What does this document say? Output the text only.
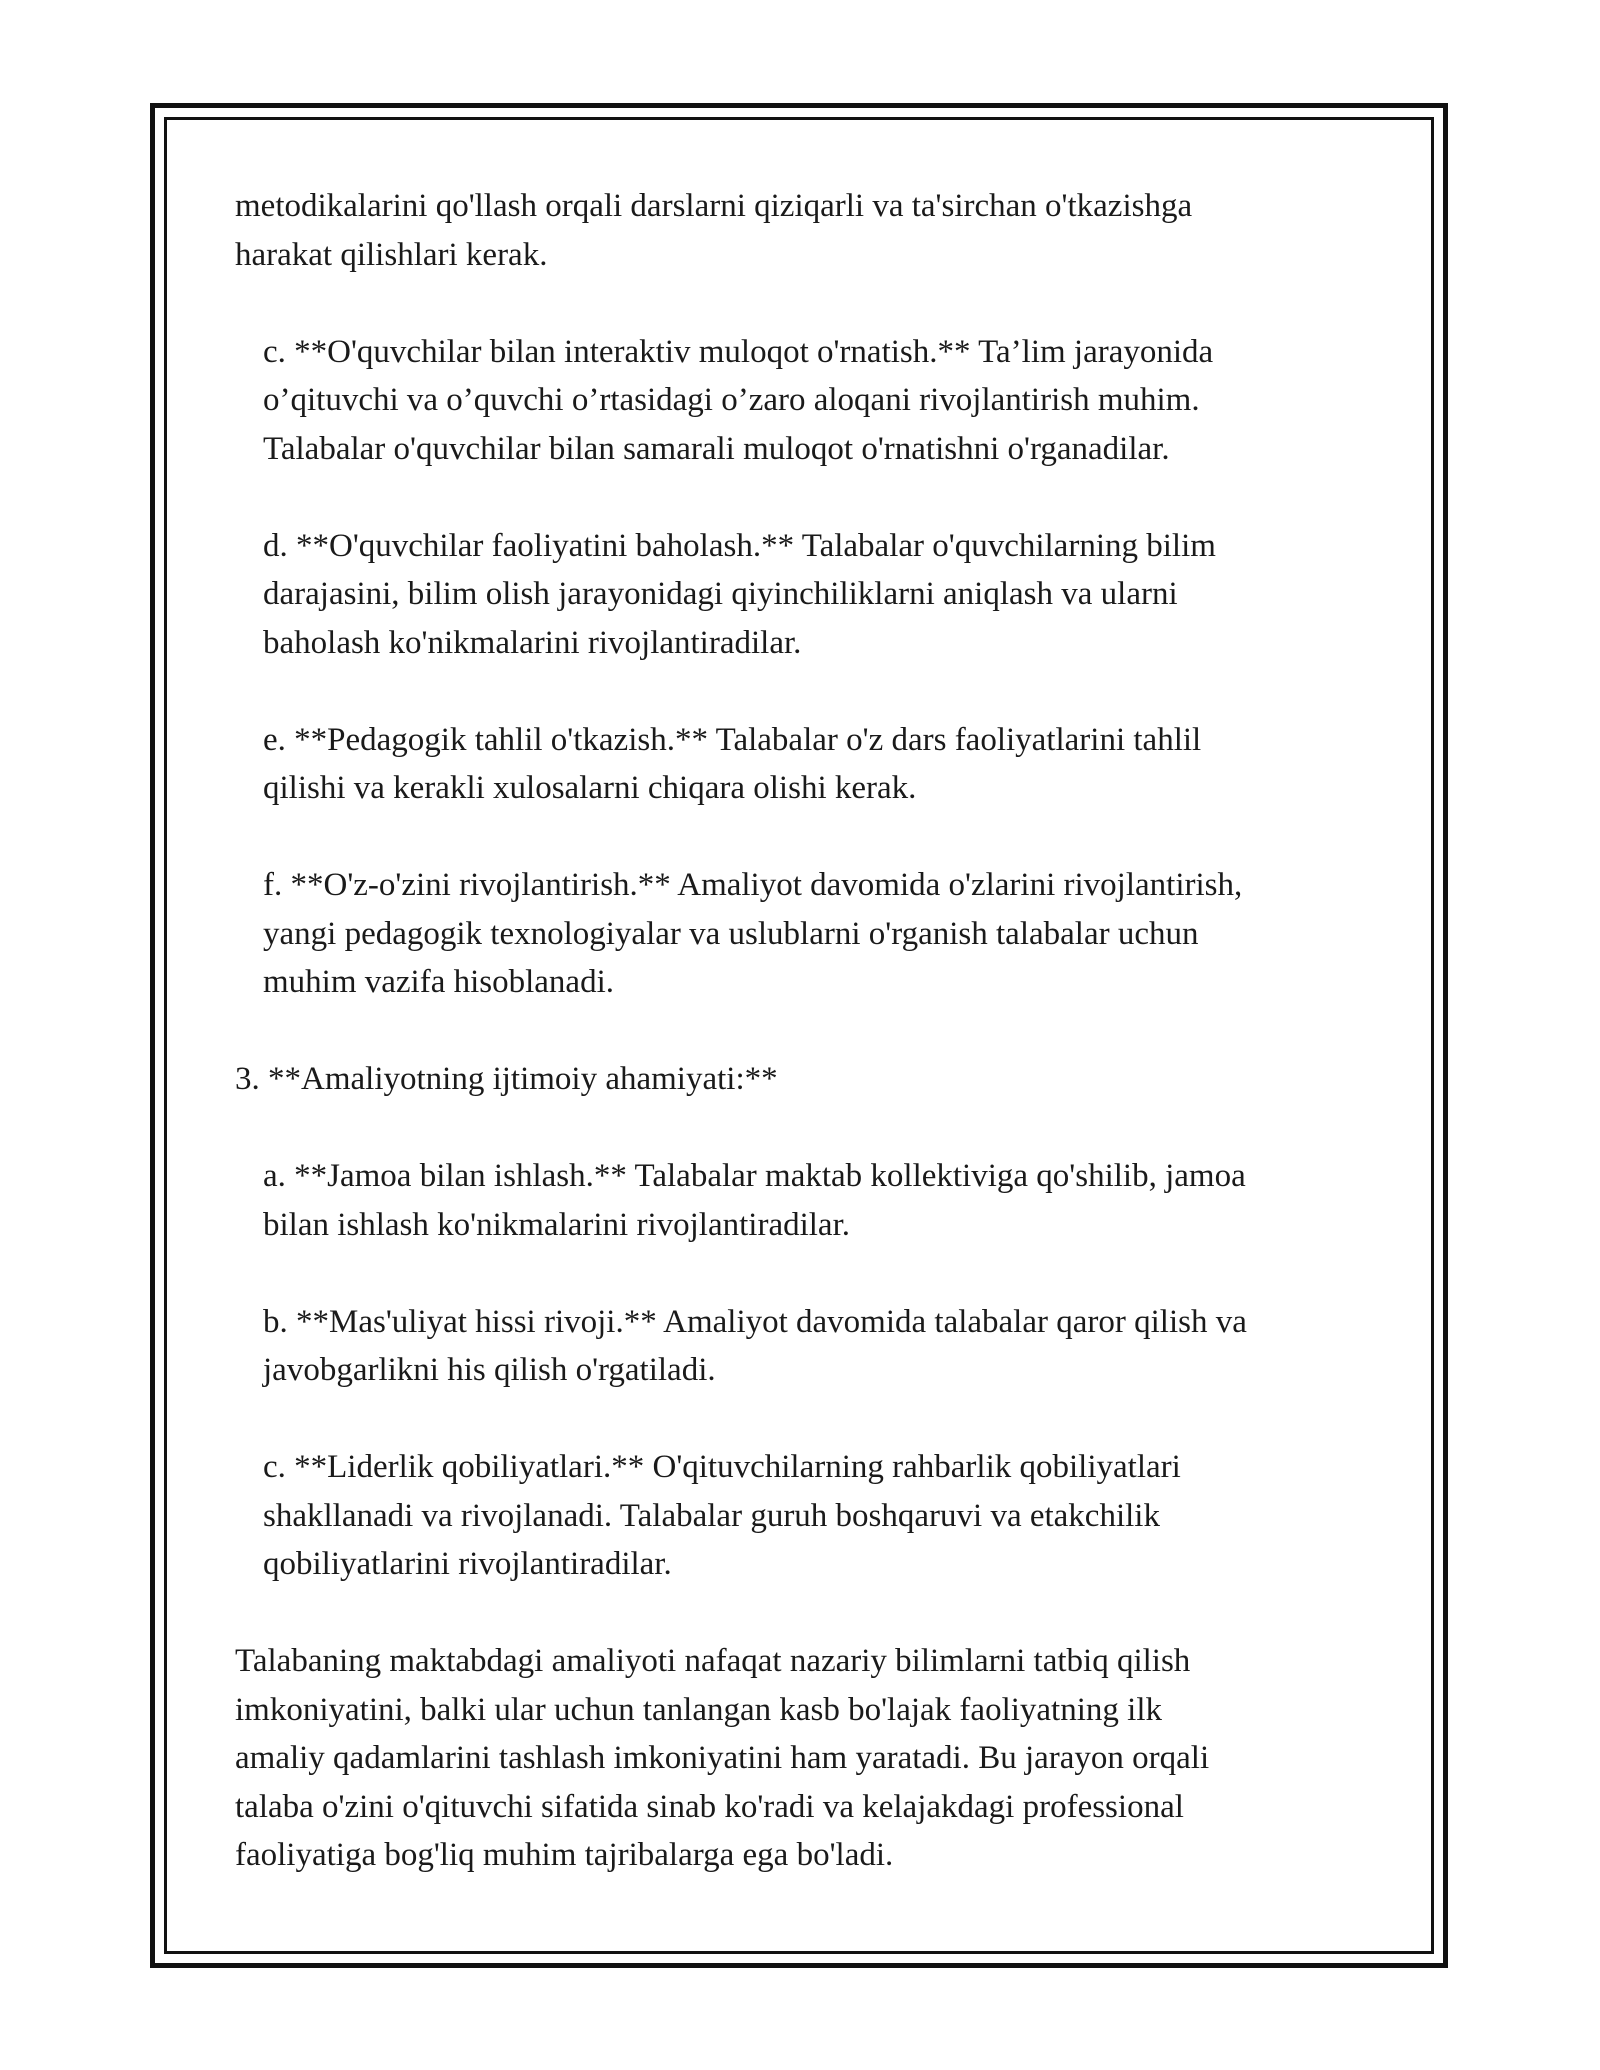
metodikalarini qo'llash orqali darslarni qiziqarli va ta'sirchan o'tkazishga
harakat qilishlari kerak.

c. **O'quvchilar bilan interaktiv muloqot o'rnatish.** Ta’lim jarayonida
o’qituvchi va o’quvchi o’rtasidagi o’zaro aloqani rivojlantirish muhim.
Talabalar o'quvchilar bilan samarali muloqot o'rnatishni o'rganadilar.

d. **O'quvchilar faoliyatini baholash.** Talabalar o'quvchilarning bilim
darajasini, bilim olish jarayonidagi qiyinchiliklarni aniqlash va ularni
baholash ko'nikmalarini rivojlantiradilar.

e. **Pedagogik tahlil o'tkazish.** Talabalar o'z dars faoliyatlarini tahlil
qilishi va kerakli xulosalarni chiqara olishi kerak.

f. **O'z-o'zini rivojlantirish.** Amaliyot davomida o'zlarini rivojlantirish,
yangi pedagogik texnologiyalar va uslublarni o'rganish talabalar uchun
muhim vazifa hisoblanadi.

3. **Amaliyotning ijtimoiy ahamiyati:**

a. **Jamoa bilan ishlash.** Talabalar maktab kollektiviga qo'shilib, jamoa
bilan ishlash ko'nikmalarini rivojlantiradilar.

b. **Mas'uliyat hissi rivoji.** Amaliyot davomida talabalar qaror qilish va
javobgarlikni his qilish o'rgatiladi.

c. **Liderlik qobiliyatlari.** O'qituvchilarning rahbarlik qobiliyatlari
shakllanadi va rivojlanadi. Talabalar guruh boshqaruvi va etakchilik
qobiliyatlarini rivojlantiradilar.

Talabaning maktabdagi amaliyoti nafaqat nazariy bilimlarni tatbiq qilish
imkoniyatini, balki ular uchun tanlangan kasb bo'lajak faoliyatning ilk
amaliy qadamlarini tashlash imkoniyatini ham yaratadi. Bu jarayon orqali
talaba o'zini o'qituvchi sifatida sinab ko'radi va kelajakdagi professional
faoliyatiga bog'liq muhim tajribalarga ega bo'ladi.
